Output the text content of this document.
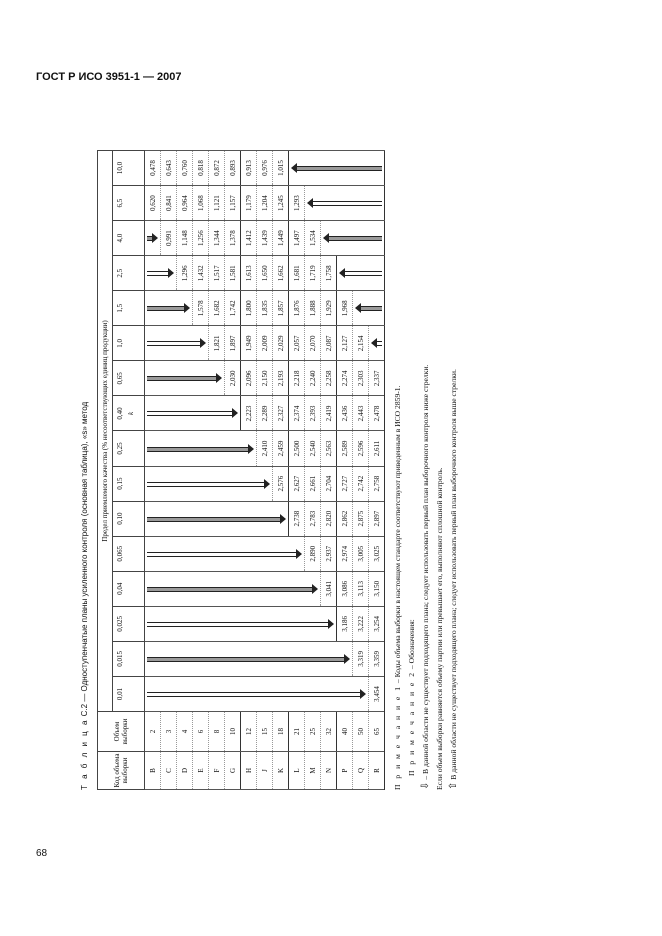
ГОСТ Р ИСО 3951-1 — 2007
68
Т а б л и ц а С.2 — Одноступенчатые планы усиленного контроля (основная таблица), «s» метод
Код объема выборки	Объем выборки	Предел приемлемого качества (% несоответствующих единиц продукции)															
		0,01	0,015	0,025	0,04	0,065	0,10	0,15	0,25	0,40 k	0,65	1,0	1,5	2,5	4,0	6,5	10,0
B	2															0,620	0,478
C	3														0,991	0,841	0,643
D	4													1,296	1,148	0,964	0,760
E	6												1,578	1,432	1,256	1,068	0,818
F	8											1,821	1,682	1,517	1,344	1,121	0,872
G	10										2,030	1,897	1,742	1,581	1,378	1,157	0,893
H	12									2,223	2,096	1,949	1,800	1,613	1,412	1,179	0,913
J	15								2,410	2,289	2,150	2,009	1,835	1,650	1,439	1,204	0,976
K	18							2,576	2,459	2,327	2,193	2,029	1,857	1,662	1,449	1,245	1,015
L	21						2,738	2,627	2,500	2,374	2,218	2,057	1,876	1,681	1,497	1,293	

M	25					2,890	2,783	2,661	2,540	2,393	2,240	2,070	1,888	1,719	1,534		

N	32				3,041	2,937	2,820	2,704	2,563	2,419	2,258	2,087	1,929	1,758			

P	40			3,186	3,086	2,974	2,862	2,727	2,589	2,436	2,274	2,127	1,968				

Q	50		3,319	3,222	3,113	3,005	2,875	2,742	2,596	2,443	2,303	2,154					

R	65	3,454	3,359	3,254	3,150	3,025	2,897	2,758	2,611	2,478	2,337						
П р и м е ч а н и е 1 – Коды объема выборки в настоящем стандарте соответствуют приведенным в ИСО 2859-1.
П р и м е ч а н и е 2 – Обозначения:
⇩ – В данной области не существует подходящего плана; следует использовать первый план выборочного контроля ниже стрелки. Если объем выборки равняется объему партии или превышает его, выполняют сплошной контроль. ⇧ В данной области не существует подходящего плана; следует использовать первый план выборочного контроля выше стрелки.
